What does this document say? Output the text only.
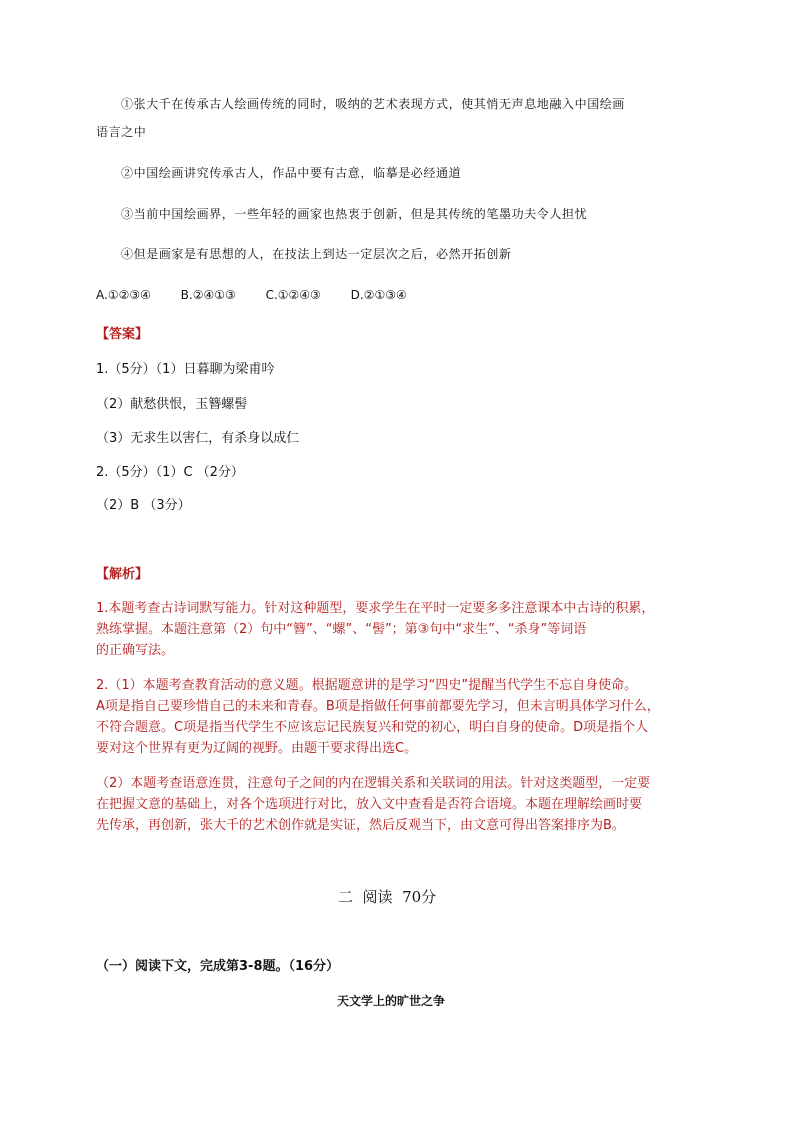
①张大千在传承古人绘画传统的同时，吸纳的艺术表现方式，使其悄无声息地融入中国绘画
语言之中
②中国绘画讲究传承古人，作品中要有古意，临摹是必经通道
③当前中国绘画界，一些年轻的画家也热衷于创新，但是其传统的笔墨功夫令人担忧
④但是画家是有思想的人，在技法上到达一定层次之后，必然开拓创新
A.①②③④ B.②④①③ C.①②④③ D.②①③④
【答案】
1.（5分）（1）日暮聊为梁甫吟
（2）献愁供恨，玉簪螺髻
（3）无求生以害仁，有杀身以成仁
2.（5分）（1）C （2分）
（2）B （3分）
【解析】
1.本题考查古诗词默写能力。针对这种题型，要求学生在平时一定要多多注意课本中古诗的积累，
熟练掌握。本题注意第（2）句中“簪”、“螺”、“髻”；第③句中“求生”、“杀身”等词语
的正确写法。
2.（1）本题考查教育活动的意义题。根据题意讲的是学习“四史”提醒当代学生不忘自身使命。
A项是指自己要珍惜自己的未来和青春。B项是指做任何事前都要先学习，但未言明具体学习什么，
不符合题意。C项是指当代学生不应该忘记民族复兴和党的初心，明白自身的使命。D项是指个人
要对这个世界有更为辽阔的视野。由题干要求得出选C。
（2）本题考查语意连贯，注意句子之间的内在逻辑关系和关联词的用法。针对这类题型，一定要
在把握文意的基础上，对各个选项进行对比，放入文中查看是否符合语境。本题在理解绘画时要
先传承，再创新，张大千的艺术创作就是实证，然后反观当下，由文意可得出答案排序为B。
二  阅读  70分
（一）阅读下文，完成第3-8题。（16分）
天文学上的旷世之争
